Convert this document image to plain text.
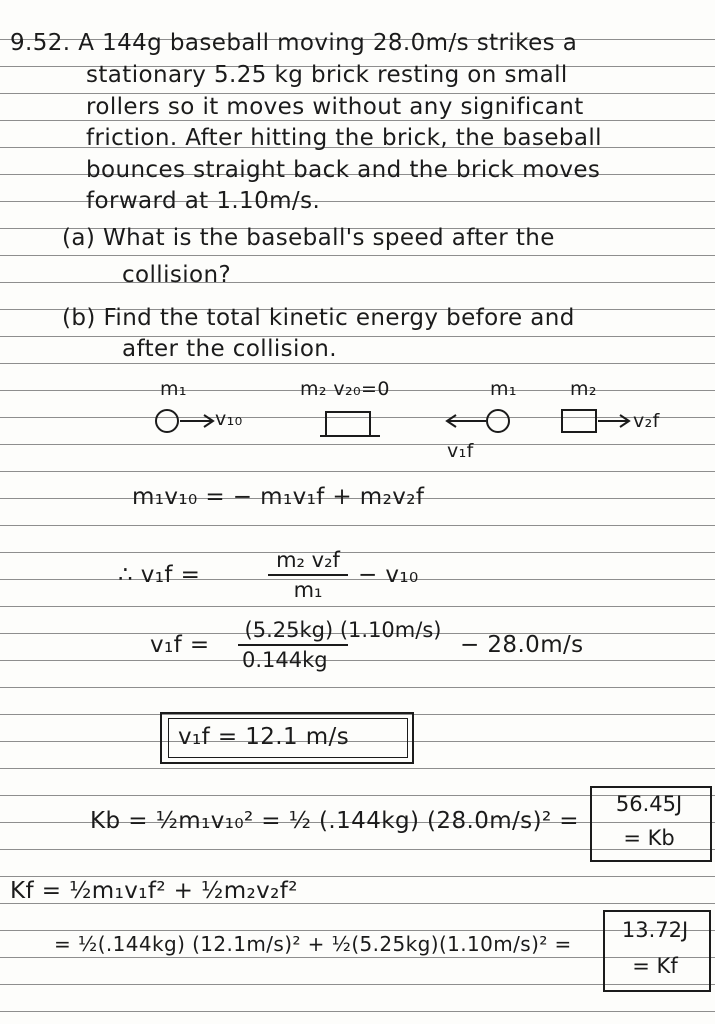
9.52. A 144g baseball moving 28.0m/s strikes a
stationary 5.25 kg brick resting on small
rollers so it moves without any significant
friction. After hitting the brick, the baseball
bounces straight back and the brick moves
forward at 1.10m/s.
(a) What is the baseball's speed after the
collision?
(b) Find the total kinetic energy before and
after the collision.
m₁
v₁₀
m₂ v₂₀=0	m₁
v₁f
m₂
v₂f
m₁v₁₀ = − m₁v₁f + m₂v₂f
∴ v₁f =
m₂ v₂f
m₁
− v₁₀
v₁f =
(5.25kg) (1.10m/s)
0.144kg
− 28.0m/s
v₁f = 12.1 m/s
Kb = ½m₁v₁₀² = ½ (.144kg) (28.0m/s)² =
56.45J
= Kb
Kf = ½m₁v₁f² + ½m₂v₂f²
= ½(.144kg) (12.1m/s)² + ½(5.25kg)(1.10m/s)² =
13.72J
= Kf
